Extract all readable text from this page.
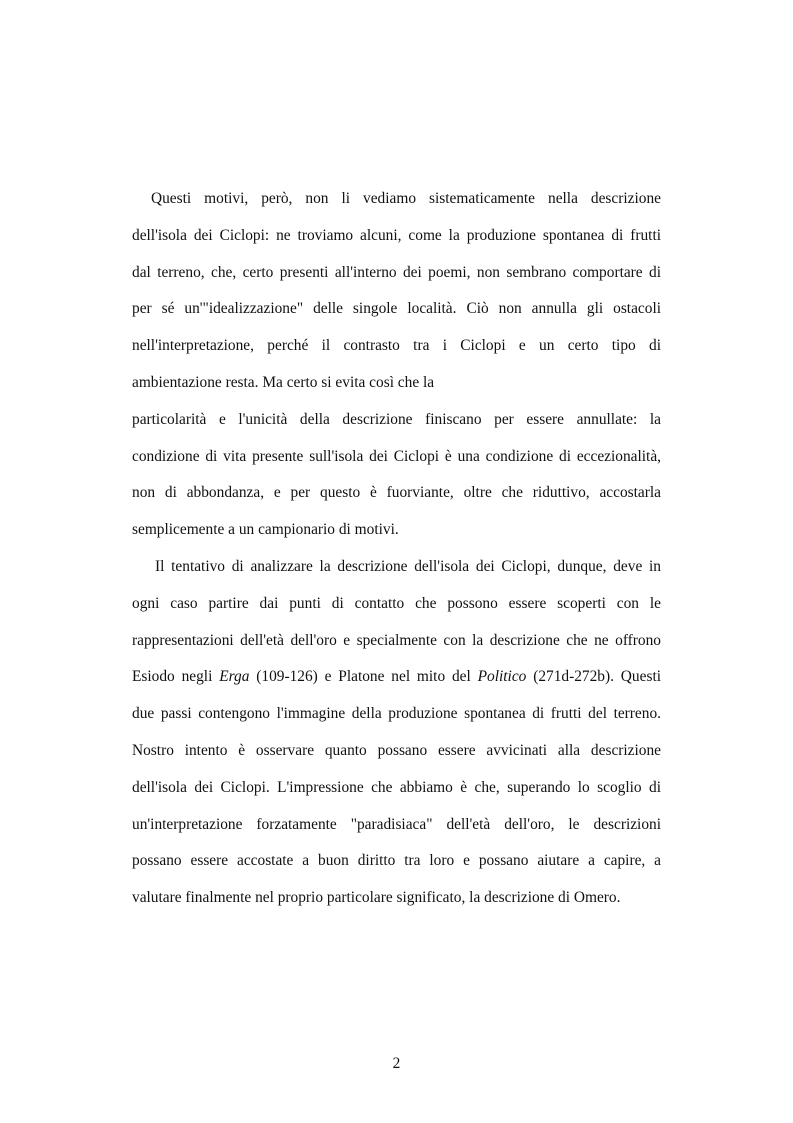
Questi motivi, però, non li vediamo sistematicamente nella descrizione
dell'isola dei Ciclopi: ne troviamo alcuni, come la produzione spontanea di frutti
dal terreno, che, certo presenti all'interno dei poemi, non sembrano comportare di
per sé un'"idealizzazione" delle singole località. Ciò non annulla gli ostacoli
nell'interpretazione, perché il contrasto tra i Ciclopi e un certo tipo di
ambientazione resta. Ma certo si evita così che la
particolarità e l'unicità della descrizione finiscano per essere annullate: la
condizione di vita presente sull'isola dei Ciclopi è una condizione di eccezionalità,
non di abbondanza, e per questo è fuorviante, oltre che riduttivo, accostarla
semplicemente a un campionario di motivi.
Il tentativo di analizzare la descrizione dell'isola dei Ciclopi, dunque, deve in
ogni caso partire dai punti di contatto che possono essere scoperti con le
rappresentazioni dell'età dell'oro e specialmente con la descrizione che ne offrono
Esiodo negli Erga (109-126) e Platone nel mito del Politico (271d-272b). Questi
due passi contengono l'immagine della produzione spontanea di frutti del terreno.
Nostro intento è osservare quanto possano essere avvicinati alla descrizione
dell'isola dei Ciclopi. L'impressione che abbiamo è che, superando lo scoglio di
un'interpretazione forzatamente "paradisiaca" dell'età dell'oro, le descrizioni
possano essere accostate a buon diritto tra loro e possano aiutare a capire, a
valutare finalmente nel proprio particolare significato, la descrizione di Omero.
2
